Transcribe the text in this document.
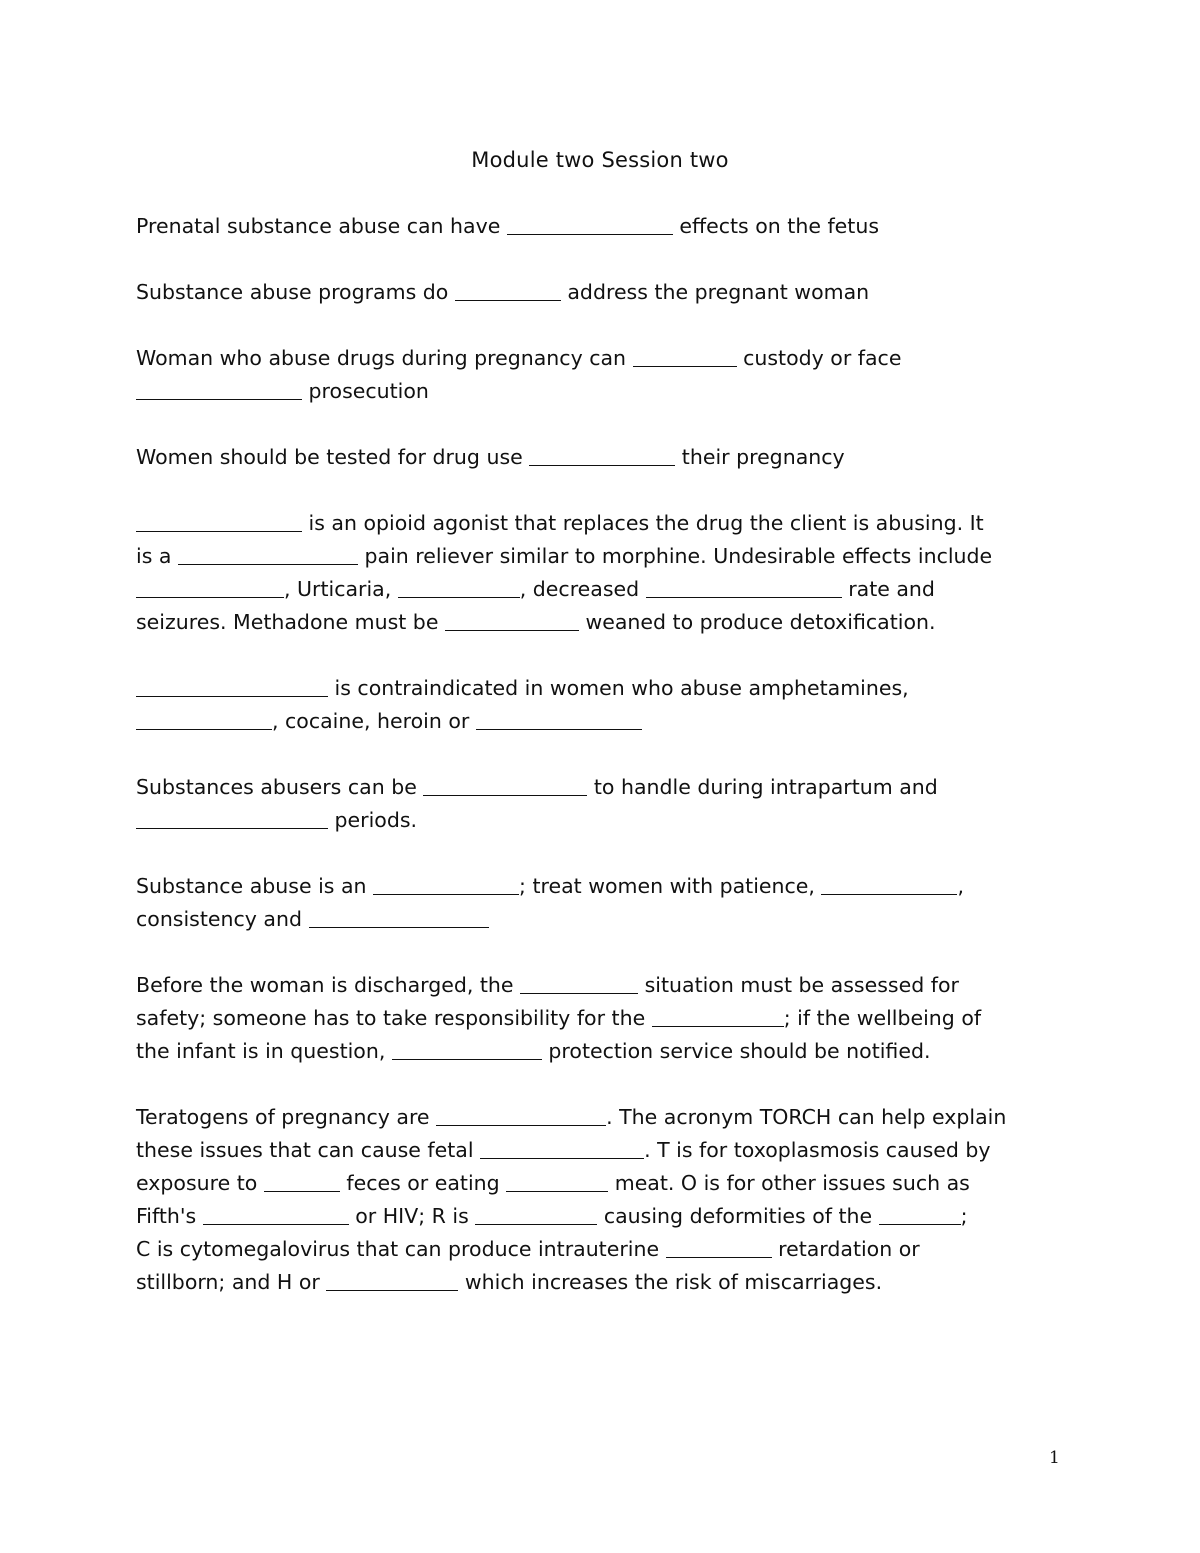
Module two Session two
Prenatal substance abuse can have	effects on the fetus
Substance abuse programs do	address the pregnant woman
Woman who abuse drugs during pregnancy can	custody or face
prosecution
Women should be tested for drug use	their pregnancy
is an opioid agonist that replaces the drug the client is abusing. It
is a	pain reliever similar to morphine. Undesirable effects include
, Urticaria,	, decreased	rate and
seizures. Methadone must be	weaned to produce detoxification.
is contraindicated in women who abuse amphetamines,
, cocaine, heroin or
Substances abusers can be	to handle during intrapartum and
periods.
Substance abuse is an	; treat women with patience,	,
consistency and
Before the woman is discharged, the	situation must be assessed for
safety; someone has to take responsibility for the	; if the wellbeing of
the infant is in question,	protection service should be notified.
Teratogens of pregnancy are	. The acronym TORCH can help explain
these issues that can cause fetal	. T is for toxoplasmosis caused by
exposure to	feces or eating	meat. O is for other issues such as
Fifth's	or HIV; R is	causing deformities of the	;
C is cytomegalovirus that can produce intrauterine	retardation or
stillborn; and H or	which increases the risk of miscarriages.
1
